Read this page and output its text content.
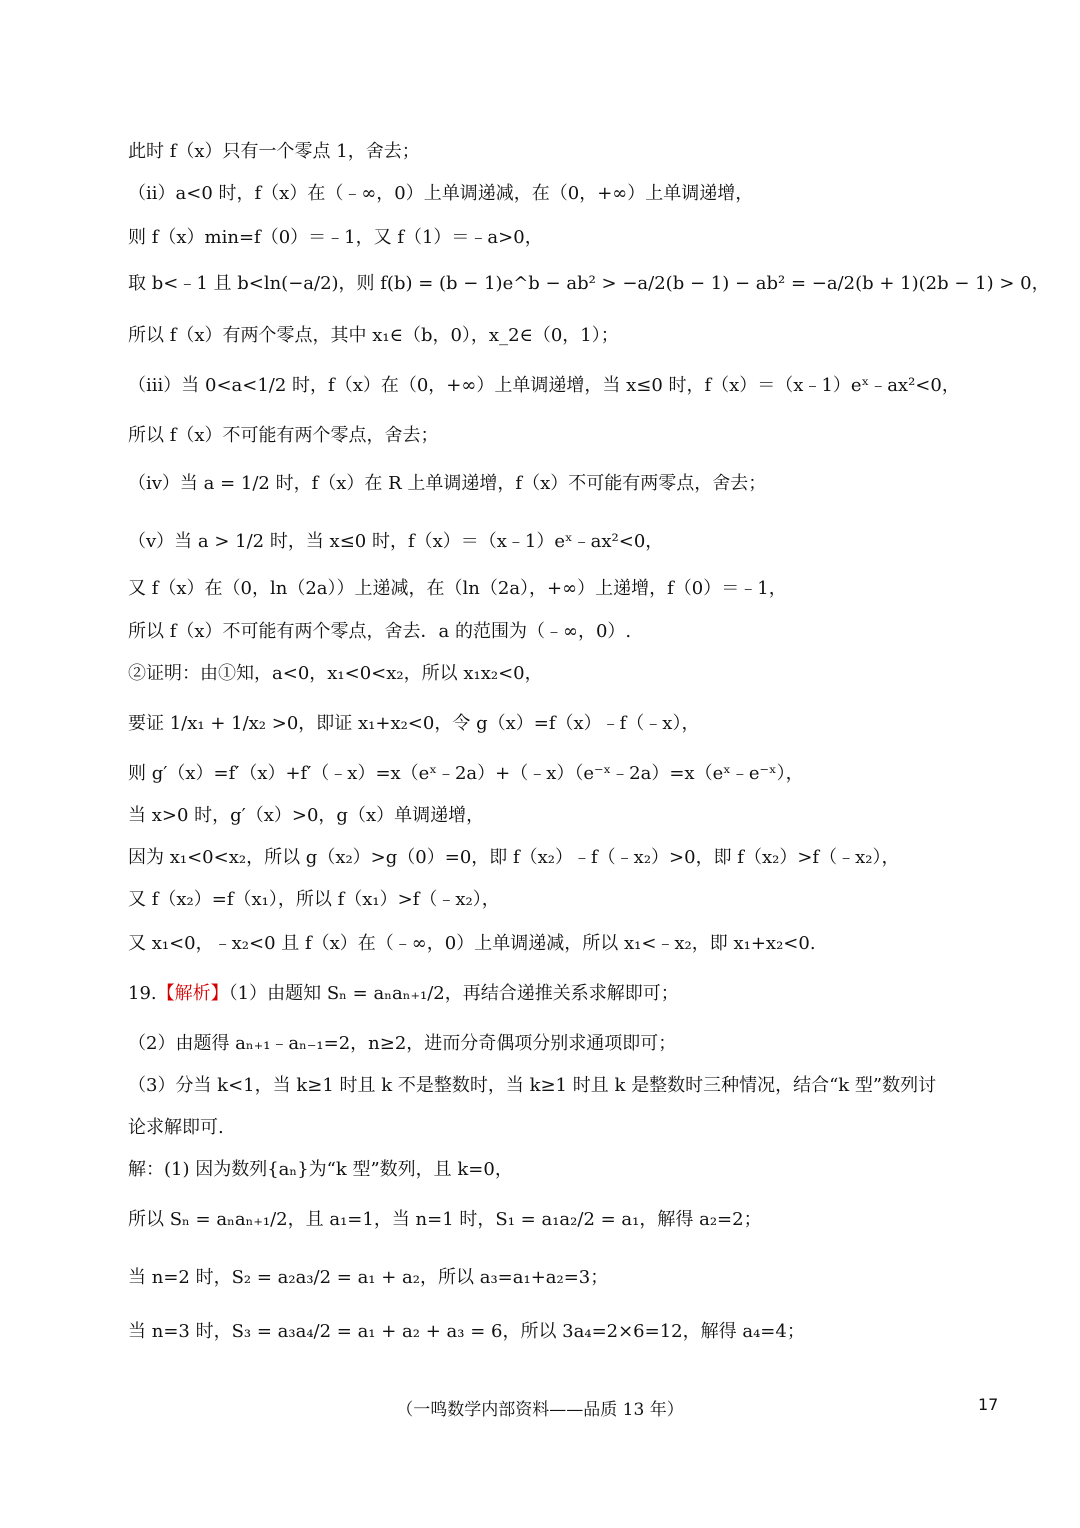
此时 f（x）只有一个零点 1，舍去；
（ⅱ）a<0 时，f（x）在（﹣∞，0）上单调递减，在（0，+∞）上单调递增，
则 f（x）min=f（0）＝﹣1，又 f（1）＝﹣a>0，
取 b<﹣1 且 b<ln(−a/2)，则 f(b) = (b − 1)e^b − ab² > −a/2(b − 1) − ab² = −a/2(b + 1)(2b − 1) > 0，
所以 f（x）有两个零点，其中 x₁∈（b，0），x_2∈（0，1）；
（ⅲ）当 0<a<1/2 时，f（x）在（0，+∞）上单调递增，当 x≤0 时，f（x）＝（x﹣1）eˣ﹣ax²<0，
所以 f（x）不可能有两个零点，舍去；
（ⅳ）当 a = 1/2 时，f（x）在 R 上单调递增，f（x）不可能有两零点，舍去；
（ⅴ）当 a > 1/2 时，当 x≤0 时，f（x）＝（x﹣1）eˣ﹣ax²<0，
又 f（x）在（0，ln（2a））上递减，在（ln（2a），+∞）上递增，f（0）＝﹣1，
所以 f（x）不可能有两个零点，舍去．a 的范围为（﹣∞，0）.
②证明：由①知，a<0，x₁<0<x₂，所以 x₁x₂<0，
要证 1/x₁ + 1/x₂ >0，即证 x₁+x₂<0，令 g（x）=f（x）﹣f（﹣x），
则 g′（x）=f′（x）+f′（﹣x）=x（eˣ﹣2a）+（﹣x）（e⁻ˣ﹣2a）=x（eˣ﹣e⁻ˣ），
当 x>0 时，g′（x）>0，g（x）单调递增，
因为 x₁<0<x₂，所以 g（x₂）>g（0）=0，即 f（x₂）﹣f（﹣x₂）>0，即 f（x₂）>f（﹣x₂），
又 f（x₂）=f（x₁），所以 f（x₁）>f（﹣x₂），
又 x₁<0，﹣x₂<0 且 f（x）在（﹣∞，0）上单调递减，所以 x₁<﹣x₂，即 x₁+x₂<0.
19.【解析】（1）由题知 Sₙ = aₙaₙ₊₁/2，再结合递推关系求解即可；
（2）由题得 aₙ₊₁﹣aₙ₋₁=2，n≥2，进而分奇偶项分别求通项即可；
（3）分当 k<1，当 k≥1 时且 k 不是整数时，当 k≥1 时且 k 是整数时三种情况，结合“k 型”数列讨
论求解即可.
解：(1) 因为数列{aₙ}为“k 型”数列，且 k=0，
所以 Sₙ = aₙaₙ₊₁/2，且 a₁=1，当 n=1 时，S₁ = a₁a₂/2 = a₁，解得 a₂=2；
当 n=2 时，S₂ = a₂a₃/2 = a₁ + a₂，所以 a₃=a₁+a₂=3；
当 n=3 时，S₃ = a₃a₄/2 = a₁ + a₂ + a₃ = 6，所以 3a₄=2×6=12，解得 a₄=4；
（一鸣数学内部资料——品质 13 年）	17
